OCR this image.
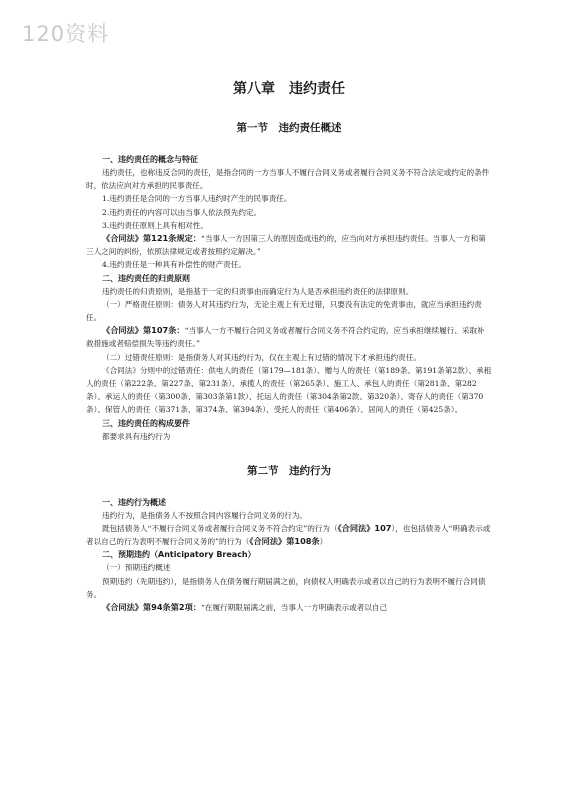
120资料
第八章　违约责任
第一节　违约责任概述
一、违约责任的概念与特征

违约责任，也称违反合同的责任，是指合同的一方当事人不履行合同义务或者履行合同义务不符合法定或约定的条件时，依法应向对方承担的民事责任。

1.违约责任是合同的一方当事人违约时产生的民事责任。

2.违约责任的内容可以由当事人依法预先约定。

3.违约责任原则上具有相对性。

《合同法》第121条规定：“当事人一方因第三人的原因造成违约的，应当向对方承担违约责任。当事人一方和第三人之间的纠纷，依照法律规定或者按照约定解决。”

4.违约责任是一种具有补偿性的财产责任。

二、违约责任的归责原则

违约责任的归责原则，是指基于一定的归责事由而确定行为人是否承担违约责任的法律原则。

（一）严格责任原则：债务人对其违约行为，无论主观上有无过错，只要没有法定的免责事由，就应当承担违约责任。

《合同法》第107条：“当事人一方不履行合同义务或者履行合同义务不符合约定的，应当承担继续履行、采取补救措施或者赔偿损失等违约责任。”

（二）过错责任原则：是指债务人对其违约行为，仅在主观上有过错的情况下才承担违约责任。

《合同法》分则中的过错责任：供电人的责任（第179—181条）、赠与人的责任（第189条、第191条第2款）、承租人的责任（第222条、第227条、第231条）、承揽人的责任（第265条）、施工人、承包人的责任（第281条、第282条）、承运人的责任（第300条、第303条第1款）、托运人的责任（第304条第2款、第320条）、寄存人的责任（第370条）、保管人的责任（第371条、第374条、第394条）、受托人的责任（第406条）、居间人的责任（第425条）。

三、违约责任的构成要件

都要求具有违约行为

第二节　违约行为
一、违约行为概述

违约行为，是指债务人不按照合同内容履行合同义务的行为。

既包括债务人“不履行合同义务或者履行合同义务不符合约定”的行为（《合同法》107），也包括债务人“明确表示或者以自己的行为表明不履行合同义务的”的行为（《合同法》第108条）

二、预期违约（Anticipatory Breach）

（一）预期违约概述

预期违约（先期违约），是指债务人在债务履行期届满之前，向债权人明确表示或者以自己的行为表明不履行合同债务。

《合同法》第94条第2项：“在履行期限届满之前，当事人一方明确表示或者以自己
